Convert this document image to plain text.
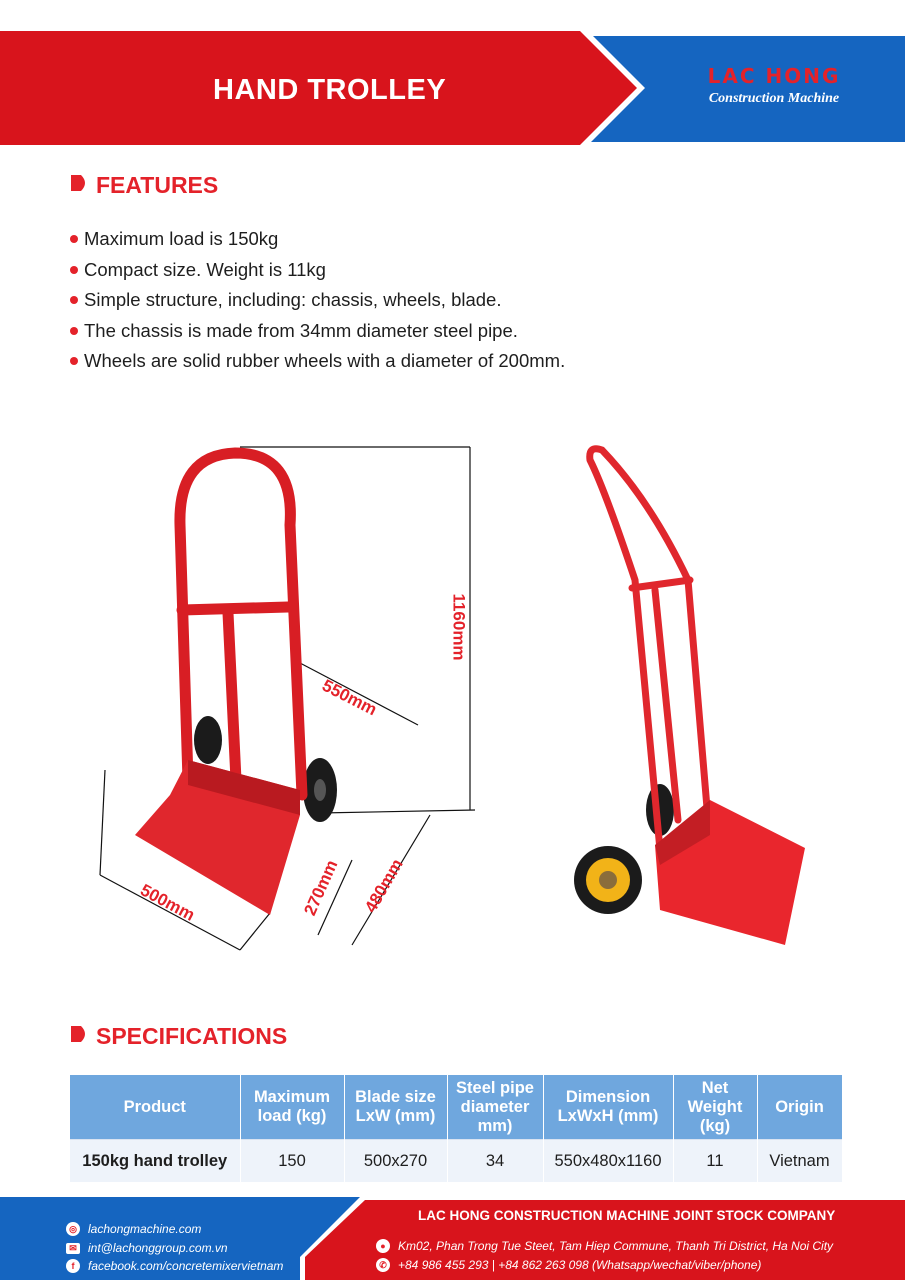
HAND TROLLEY	LAC HONG
Construction Machine
FEATURES
Maximum load is 150kg
Compact size. Weight is 11kg
Simple structure, including: chassis, wheels, blade.
The chassis is made from 34mm diameter steel pipe.
Wheels are solid rubber wheels with a diameter of 200mm.
1160mm
550mm
500mm	270mm 480mm
SPECIFICATIONS
Product	Maximum load (kg)	Blade size LxW (mm)	Steel pipe diameter mm)	Dimension LxWxH (mm)	Net Weight (kg)	Origin
150kg hand trolley	150	500x270	34	550x480x1160	11	Vietnam
◎ lachongmachine.com
✉ int@lachonggroup.com.vn
f	facebook.com/concretemixervietnam
LAC HONG CONSTRUCTION MACHINE JOINT STOCK COMPANY
●	Km02, Phan Trong Tue Steet, Tam Hiep Commune, Thanh Tri District, Ha Noi City
✆ +84 986 455 293 | +84 862 263 098 (Whatsapp/wechat/viber/phone)
